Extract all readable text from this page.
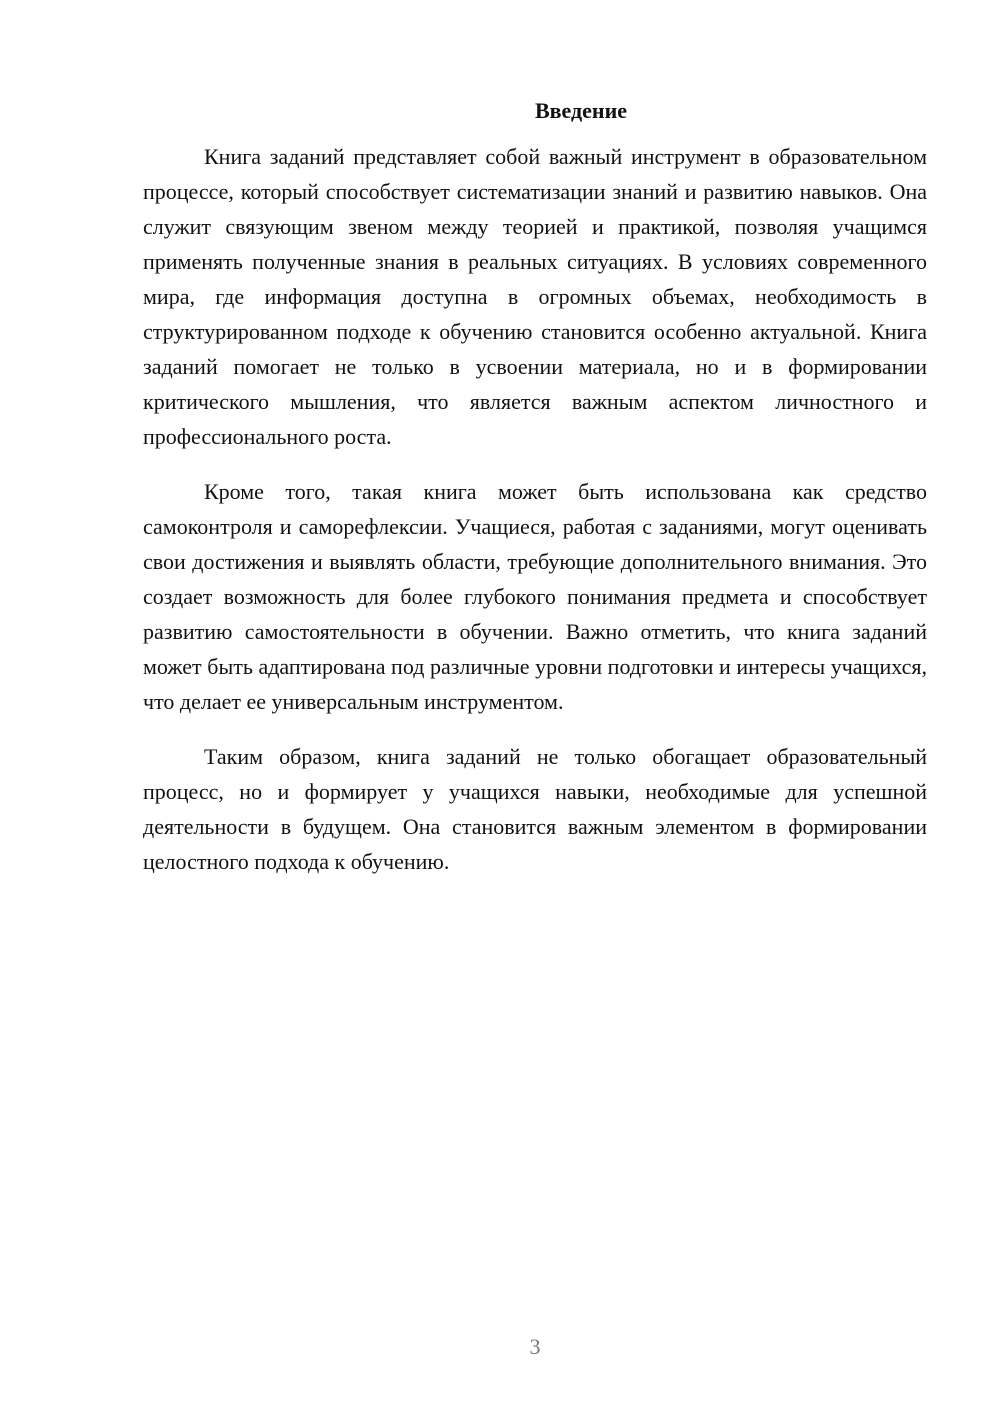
Введение

Книга заданий представляет собой важный инструмент в образовательном процессе, который способствует систематизации знаний и развитию навыков. Она служит связующим звеном между теорией и практикой, позволяя учащимся применять полученные знания в реальных ситуациях. В условиях современного мира, где информация доступна в огромных объемах, необходимость в структурированном подходе к обучению становится особенно актуальной. Книга заданий помогает не только в усвоении материала, но и в формировании критического мышления, что является важным аспектом личностного и профессионального роста.

Кроме того, такая книга может быть использована как средство самоконтроля и саморефлексии. Учащиеся, работая с заданиями, могут оценивать свои достижения и выявлять области, требующие дополнительного внимания. Это создает возможность для более глубокого понимания предмета и способствует развитию самостоятельности в обучении. Важно отметить, что книга заданий может быть адаптирована под различные уровни подготовки и интересы учащихся, что делает ее универсальным инструментом.

Таким образом, книга заданий не только обогащает образовательный процесс, но и формирует у учащихся навыки, необходимые для успешной деятельности в будущем. Она становится важным элементом в формировании целостного подхода к обучению.

3
